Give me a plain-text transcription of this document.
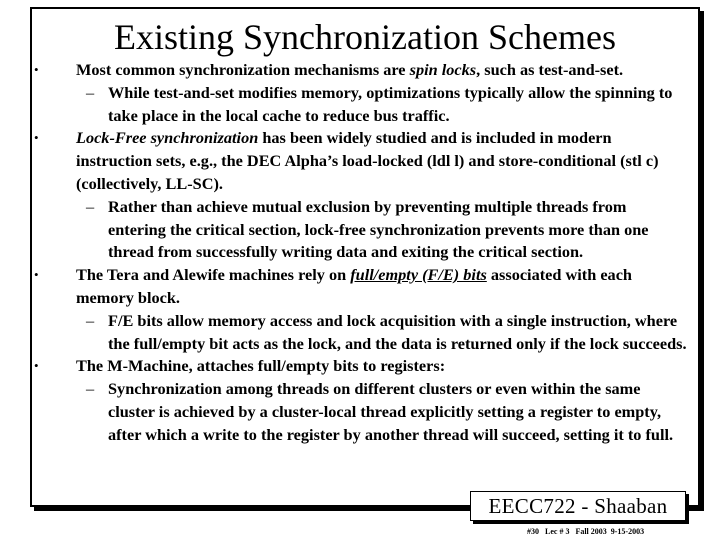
Existing Synchronization Schemes
•	Most common synchronization mechanisms are spin locks, such as test-and-set.
– While test-and-set modifies memory, optimizations typically allow the spinning to take place in the local cache to reduce bus traffic.
•	Lock-Free synchronization has been widely studied and is included in modern instruction sets, e.g., the DEC Alpha’s load-locked (ldl l) and store-conditional (stl c) (collectively, LL-SC).
– Rather than achieve mutual exclusion by preventing multiple threads from entering the critical section, lock-free synchronization prevents more than one thread from successfully writing data and exiting the critical section.
•	The Tera and Alewife machines rely on full/empty (F/E) bits associated with each memory block.
– F/E bits allow memory access and lock acquisition with a single instruction, where the full/empty bit acts as the lock, and the data is returned only if the lock succeeds.
•	The M-Machine, attaches full/empty bits to registers:
– Synchronization among threads on different clusters or even within the same cluster is achieved by a cluster-local thread explicitly setting a register to empty, after which a write to the register by another thread will succeed, setting it to full.
EECC722 - Shaaban
#30   Lec # 3   Fall 2003  9-15-2003
